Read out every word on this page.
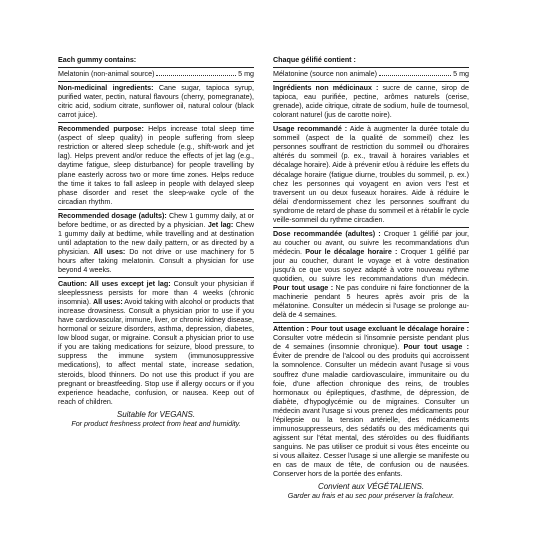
Each gummy contains:

Melatonin (non-animal source)	5 mg

Non-medicinal ingredients: Cane sugar, tapioca syrup, purified water, pectin, natural flavours (cherry, pomegranate), citric acid, sodium citrate, sunflower oil, natural colour (black carrot juice).

Recommended purpose: Helps increase total sleep time (aspect of sleep quality) in people suffering from sleep restriction or altered sleep schedule (e.g., shift-work and jet lag). Helps prevent and/or reduce the effects of jet lag (e.g., daytime fatigue, sleep disturbance) for people travelling by plane easterly across two or more time zones. Helps reduce the time it takes to fall asleep in people with delayed sleep phase disorder and reset the sleep-wake cycle of the circadian rhythm.

Recommended dosage (adults): Chew 1 gummy daily, at or before bedtime, or as directed by a physician. Jet lag: Chew 1 gummy daily at bedtime, while travelling and at destination until adaptation to the new daily pattern, or as directed by a physician. All uses: Do not drive or use machinery for 5 hours after taking melatonin. Consult a physician for use beyond 4 weeks.

Caution: All uses except jet lag: Consult your physician if sleeplessness persists for more than 4 weeks (chronic insomnia). All uses: Avoid taking with alcohol or products that increase drowsiness. Consult a physician prior to use if you have cardiovascular, immune, liver, or chronic kidney disease, hormonal or seizure disorders, asthma, depression, diabetes, low blood sugar, or migraine. Consult a physician prior to use if you are taking medications for seizure, blood pressure, to suppress the immune system (immunosuppressive medications), to affect mental state, increase sedation, steroids, blood thinners. Do not use this product if you are pregnant or breastfeeding. Stop use if allergy occurs or if you experience headache, confusion, or nausea. Keep out of reach of children.

Suitable for VEGANS.
For product freshness protect from heat and humidity.

Chaque gélifié contient :

Mélatonine (source non animale)	5 mg

Ingrédients non médicinaux : sucre de canne, sirop de tapioca, eau purifiée, pectine, arômes naturels (cerise, grenade), acide citrique, citrate de sodium, huile de tournesol, colorant naturel (jus de carotte noire).

Usage recommandé : Aide à augmenter la durée totale du sommeil (aspect de la qualité de sommeil) chez les personnes souffrant de restriction du sommeil ou d'horaires altérés du sommeil (p. ex., travail à horaires variables et décalage horaire). Aide à prévenir et/ou à réduire les effets du décalage horaire (fatigue diurne, troubles du sommeil, p. ex.) chez les personnes qui voyagent en avion vers l'est et traversent un ou deux fuseaux horaires. Aide à réduire le délai d'endormissement chez les personnes souffrant du syndrome de retard de phase du sommeil et à rétablir le cycle veille-sommeil du rythme circadien.

Dose recommandée (adultes) : Croquer 1 gélifié par jour, au coucher ou avant, ou suivre les recommandations d'un médecin. Pour le décalage horaire : Croquer 1 gélifié par jour au coucher, durant le voyage et à votre destination jusqu'à ce que vous soyez adapté à votre nouveau rythme quotidien, ou suivre les recommandations d'un médecin. Pour tout usage : Ne pas conduire ni faire fonctionner de la machinerie pendant 5 heures après avoir pris de la mélatonine. Consulter un médecin si l'usage se prolonge au-delà de 4 semaines.

Attention : Pour tout usage excluant le décalage horaire : Consulter votre médecin si l'insomnie persiste pendant plus de 4 semaines (insomnie chronique). Pour tout usage : Éviter de prendre de l'alcool ou des produits qui accroissent la somnolence. Consulter un médecin avant l'usage si vous souffrez d'une maladie cardiovasculaire, immunitaire ou du foie, d'une affection chronique des reins, de troubles hormonaux ou épileptiques, d'asthme, de dépression, de diabète, d'hypoglycémie ou de migraines. Consulter un médecin avant l'usage si vous prenez des médicaments pour l'épilepsie ou la tension artérielle, des médicaments immunosuppresseurs, des sédatifs ou des médicaments qui agissent sur l'état mental, des stéroïdes ou des fluidifiants sanguins. Ne pas utiliser ce produit si vous êtes enceinte ou si vous allaitez. Cesser l'usage si une allergie se manifeste ou en cas de maux de tête, de confusion ou de nausées. Conserver hors de la portée des enfants.

Convient aux VÉGÉTALIENS.
Garder au frais et au sec pour préserver la fraîcheur.
